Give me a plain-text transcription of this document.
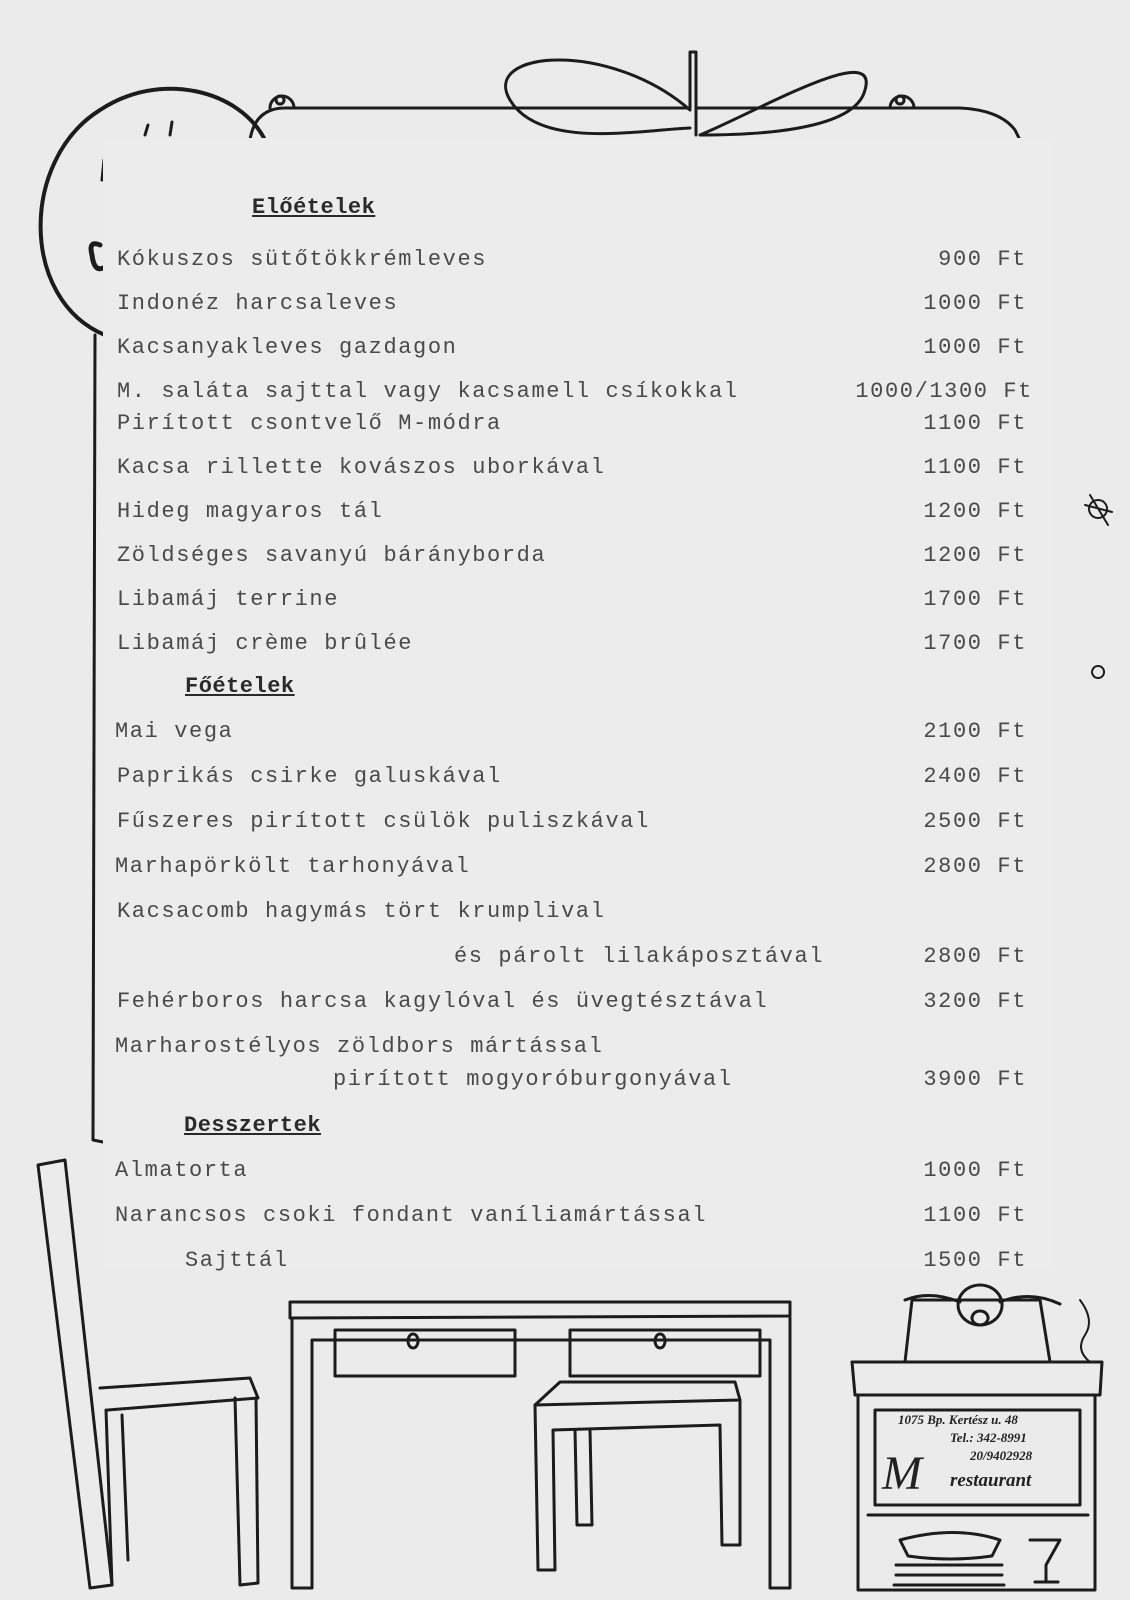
Előételek
Kókuszos sütőtökkrémleves	900 Ft
Indonéz harcsaleves	1000 Ft
Kacsanyakleves gazdagon	1000 Ft
M. saláta sajttal vagy kacsamell csíkokkal	1000/1300 Ft
Pirított csontvelő M-módra	1100 Ft
Kacsa rillette kovászos uborkával	1100 Ft
Hideg magyaros tál	1200 Ft
Zöldséges savanyú bárányborda	1200 Ft
Libamáj terrine	1700 Ft
Libamáj crème brûlée	1700 Ft
Főételek
Mai vega	2100 Ft
Paprikás csirke galuskával	2400 Ft
Fűszeres pirított csülök puliszkával	2500 Ft
Marhapörkölt tarhonyával	2800 Ft
Kacsacomb hagymás tört krumplival
és párolt lilakáposztával	2800 Ft
Fehérboros harcsa kagylóval és üvegtésztával	3200 Ft
Marharostélyos zöldbors mártással
pirított mogyoróburgonyával	3900 Ft
Desszertek
Almatorta	1000 Ft
Narancsos csoki fondant vaníliamártással	1100 Ft
Sajttál	1500 Ft
1075 Bp. Kertész u. 48
Tel.: 342-8991
20/9402928
M restaurant
